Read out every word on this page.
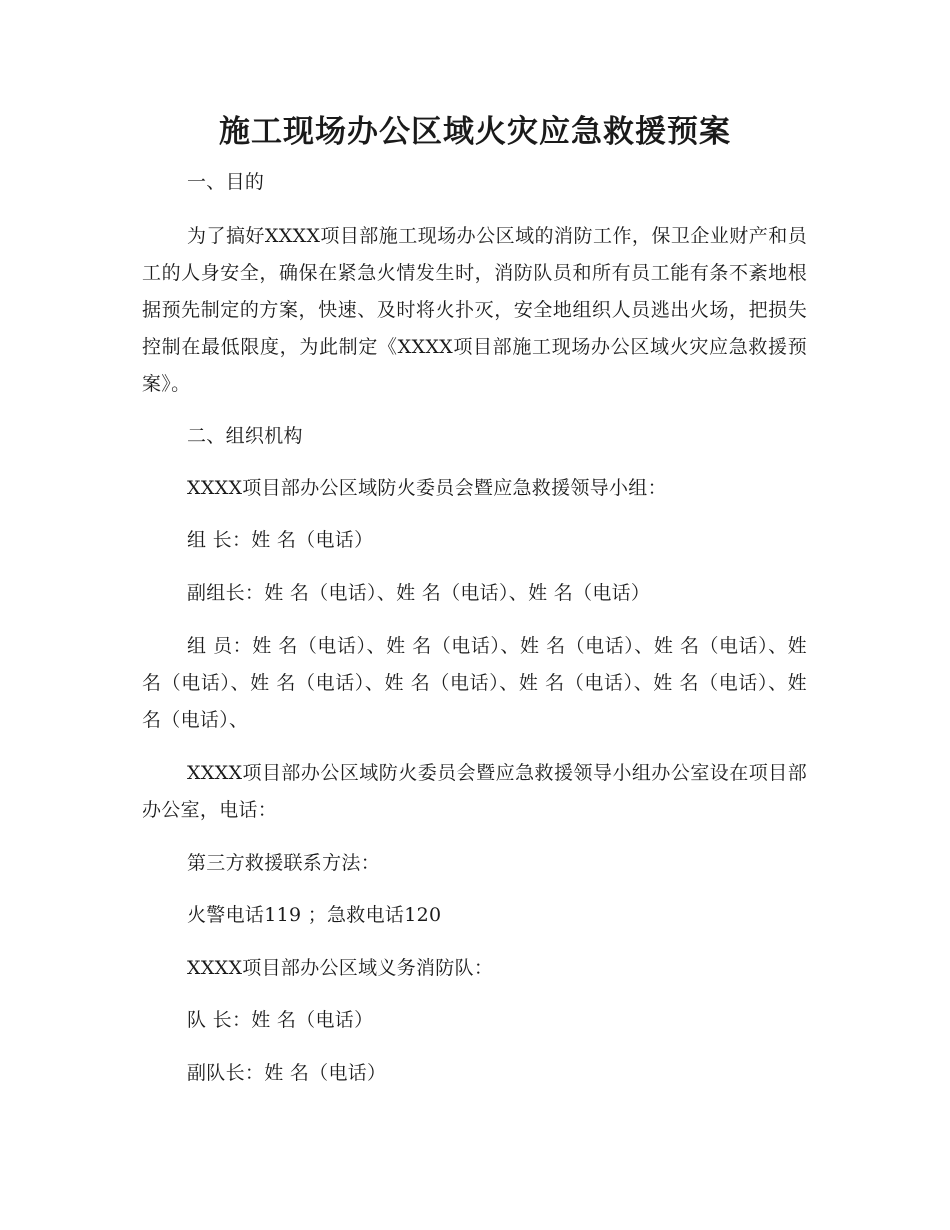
施工现场办公区域火灾应急救援预案

一、目的

为了搞好XXXX项目部施工现场办公区域的消防工作，保卫企业财产和员工的人身安全，确保在紧急火情发生时，消防队员和所有员工能有条不紊地根据预先制定的方案，快速、及时将火扑灭，安全地组织人员逃出火场，把损失控制在最低限度，为此制定《XXXX项目部施工现场办公区域火灾应急救援预案》。

二、组织机构

XXXX项目部办公区域防火委员会暨应急救援领导小组：

组 长：姓 名（电话）

副组长：姓 名（电话）、姓 名（电话）、姓 名（电话）

组 员：姓 名（电话）、姓 名（电话）、姓 名（电话）、姓 名（电话）、姓 名（电话）、姓 名（电话）、姓 名（电话）、姓 名（电话）、姓 名（电话）、姓 名（电话）、

XXXX项目部办公区域防火委员会暨应急救援领导小组办公室设在项目部办公室，电话：

第三方救援联系方法：

火警电话119 ；急救电话120

XXXX项目部办公区域义务消防队：

队 长：姓 名（电话）

副队长：姓 名（电话）
